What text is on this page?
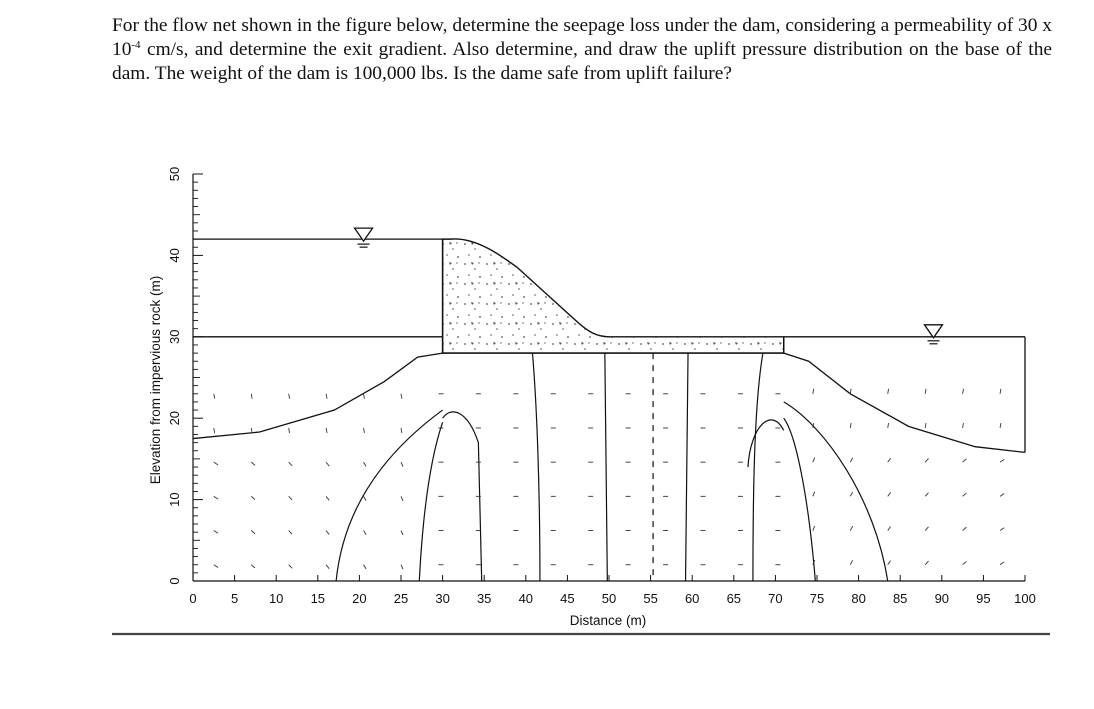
For the flow net shown in the figure below, determine the seepage loss under the dam, considering a permeability of 30 x $10^{-4}$ cm/s, and determine the exit gradient. Also determine, and draw the uplift pressure distribution on the base of the dam. The weight of the dam is 100,000 lbs. Is the dame safe from uplift failure?
0	5 10 15 20 25 30 35 40 45 50 55 60 65 70 75 80 85 90 95 100
0
10
20
30
40
50
Distance (m)
Elevation from impervious rock (m)
